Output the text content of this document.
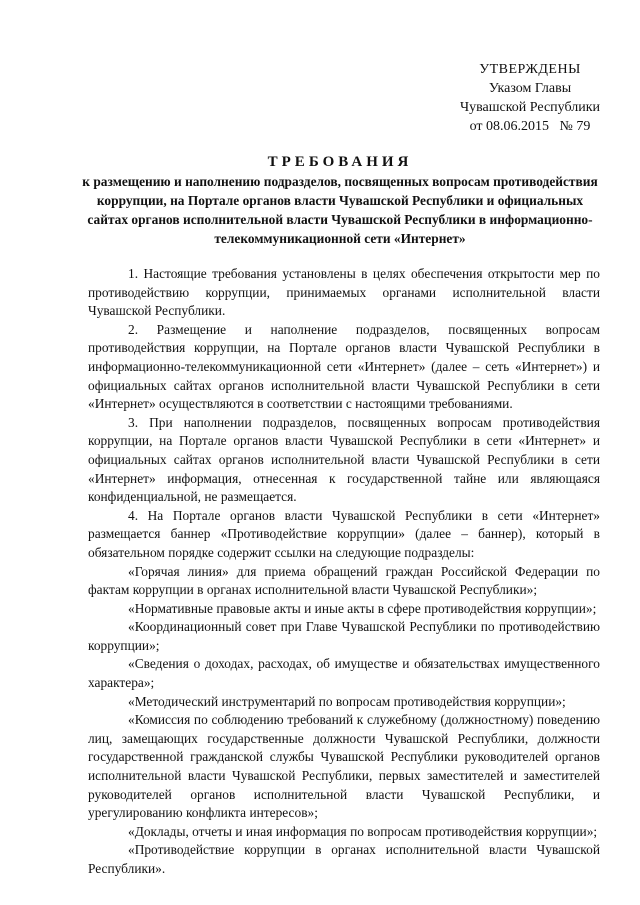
УТВЕРЖДЕНЫ
Указом Главы
Чувашской Республики
от 08.06.2015   № 79
ТРЕБОВАНИЯ
к размещению и наполнению подразделов, посвященных вопросам противодействия коррупции, на Портале органов власти Чувашской Республики и официальных сайтах органов исполнительной власти Чувашской Республики в информационно-телекоммуникационной сети «Интернет»

1. Настоящие требования установлены в целях обеспечения открытости мер по противодействию коррупции, принимаемых органами исполнительной власти Чувашской Республики.

2. Размещение и наполнение подразделов, посвященных вопросам противодействия коррупции, на Портале органов власти Чувашской Республики в информационно-телекоммуникационной сети «Интернет» (далее – сеть «Интернет») и официальных сайтах органов исполнительной власти Чувашской Республики в сети «Интернет» осуществляются в соответствии с настоящими требованиями.

3. При наполнении подразделов, посвященных вопросам противодействия коррупции, на Портале органов власти Чувашской Республики в сети «Интернет» и официальных сайтах органов исполнительной власти Чувашской Республики в сети «Интернет» информация, отнесенная к государственной тайне или являющаяся конфиденциальной, не размещается.

4. На Портале органов власти Чувашской Республики в сети «Интернет» размещается баннер «Противодействие коррупции» (далее – баннер), который в обязательном порядке содержит ссылки на следующие подразделы:

«Горячая линия» для приема обращений граждан Российской Федерации по фактам коррупции в органах исполнительной власти Чувашской Республики»;

«Нормативные правовые акты и иные акты в сфере противодействия коррупции»;

«Координационный совет при Главе Чувашской Республики по противодействию коррупции»;

«Сведения о доходах, расходах, об имуществе и обязательствах имущественного характера»;

«Методический инструментарий по вопросам противодействия коррупции»;

«Комиссия по соблюдению требований к служебному (должностному) поведению лиц, замещающих государственные должности Чувашской Республики, должности государственной гражданской службы Чувашской Республики руководителей органов исполнительной власти Чувашской Республики, первых заместителей и заместителей руководителей органов исполнительной власти Чувашской Республики, и урегулированию конфликта интересов»;

«Доклады, отчеты и иная информация по вопросам противодействия коррупции»;

«Противодействие коррупции в органах исполнительной власти Чувашской Республики».
